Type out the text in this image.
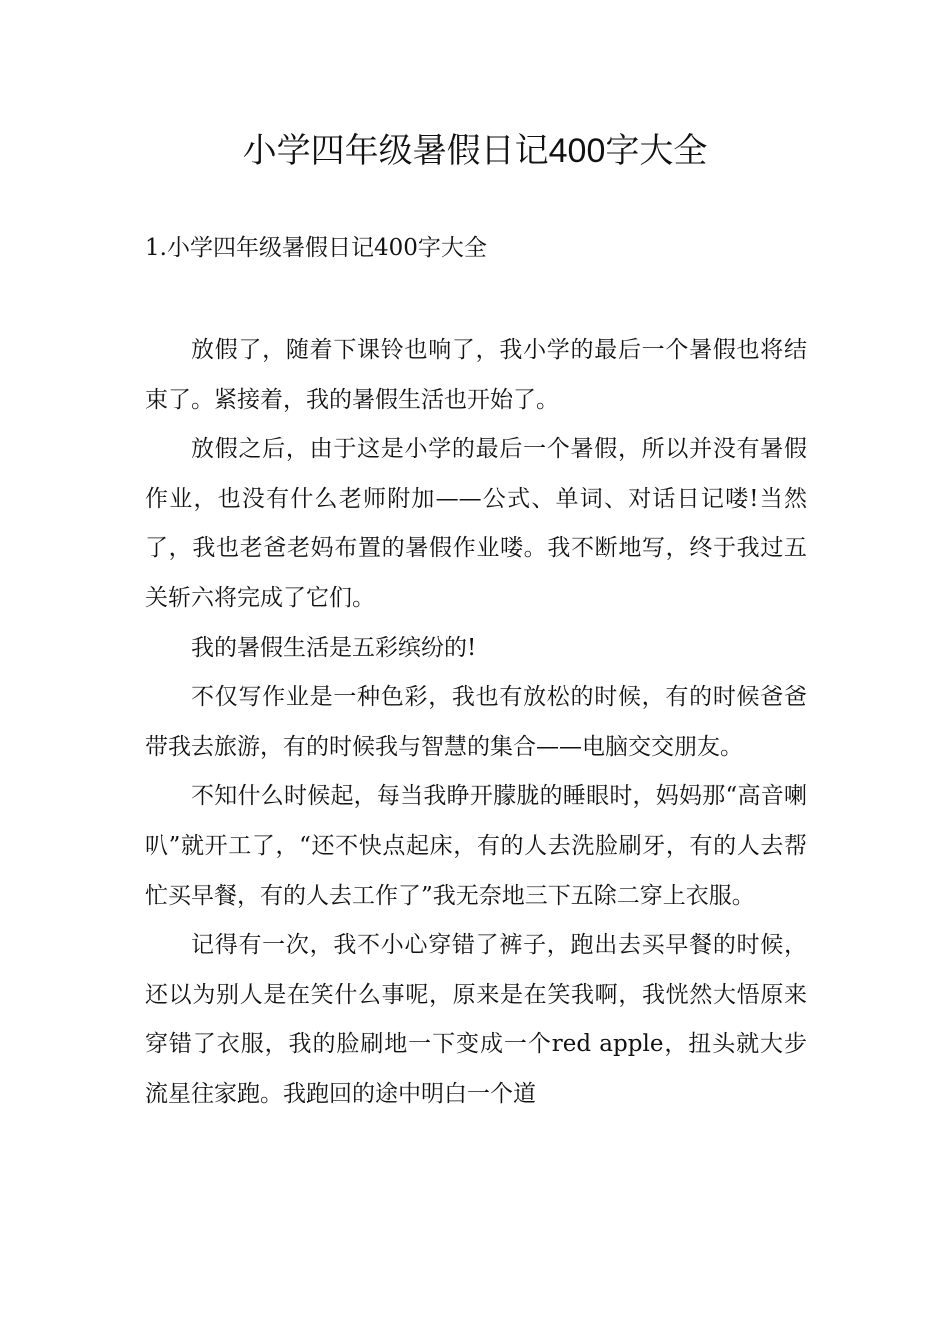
小学四年级暑假日记400字大全
1.小学四年级暑假日记400字大全

放假了，随着下课铃也响了，我小学的最后一个暑假也将结束了。紧接着，我的暑假生活也开始了。

放假之后，由于这是小学的最后一个暑假，所以并没有暑假作业，也没有什么老师附加——公式、单词、对话日记喽!当然了，我也老爸老妈布置的暑假作业喽。我不断地写，终于我过五关斩六将完成了它们。

我的暑假生活是五彩缤纷的!

不仅写作业是一种色彩，我也有放松的时候，有的时候爸爸带我去旅游，有的时候我与智慧的集合——电脑交交朋友。

不知什么时候起，每当我睁开朦胧的睡眼时，妈妈那“高音喇叭”就开工了，“还不快点起床，有的人去洗脸刷牙，有的人去帮忙买早餐，有的人去工作了”我无奈地三下五除二穿上衣服。

记得有一次，我不小心穿错了裤子，跑出去买早餐的时候，还以为别人是在笑什么事呢，原来是在笑我啊，我恍然大悟原来穿错了衣服，我的脸刷地一下变成一个red apple，扭头就大步流星往家跑。我跑回的途中明白一个道
